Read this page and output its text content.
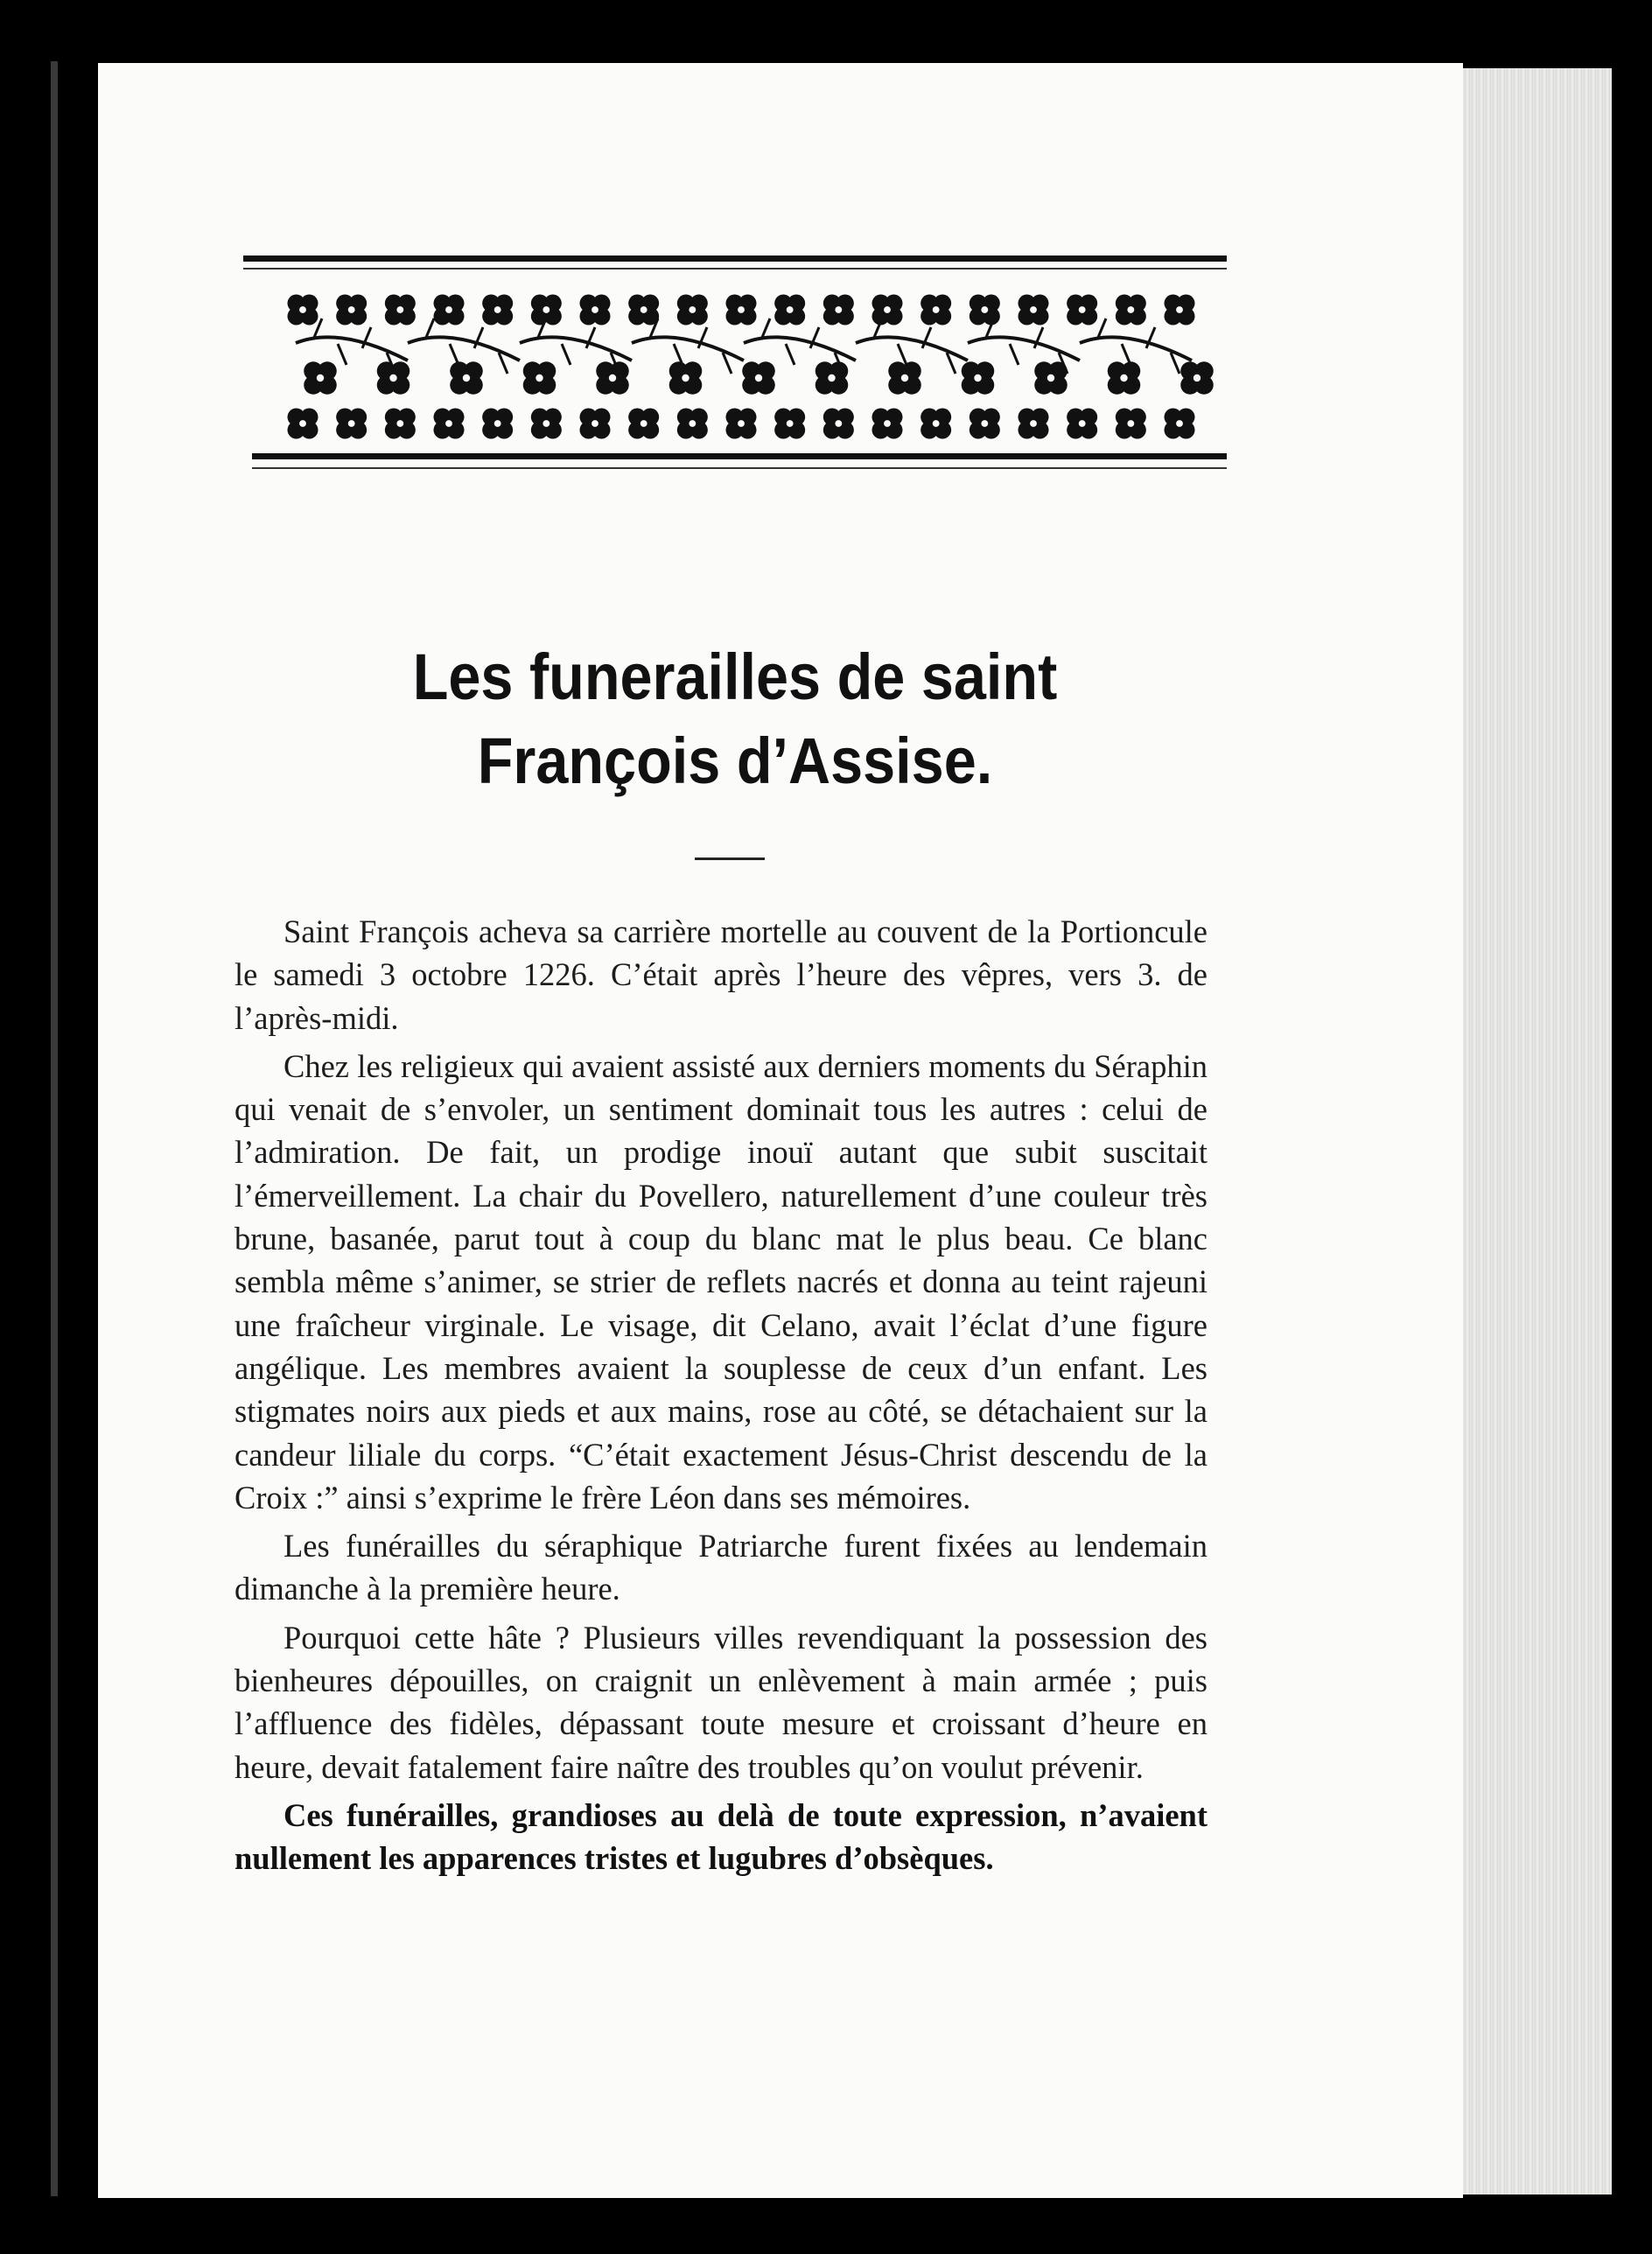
Les funerailles de saint
François d’Assise.

Saint François acheva sa carrière mortelle au couvent de la Portioncule le samedi 3 octobre 1226. C’était après l’heure des vêpres, vers 3. de l’après-midi.

Chez les religieux qui avaient assisté aux derniers moments du Séraphin qui venait de s’envoler, un sentiment dominait tous les autres : celui de l’admiration. De fait, un prodige inouï autant que subit suscitait l’émerveillement. La chair du Povellero, naturellement d’une couleur très brune, basanée, parut tout à coup du blanc mat le plus beau. Ce blanc sembla même s’animer, se strier de reflets nacrés et donna au teint rajeuni une fraîcheur virginale. Le visage, dit Celano, avait l’éclat d’une figure angélique. Les membres avaient la souplesse de ceux d’un enfant. Les stigmates noirs aux pieds et aux mains, rose au côté, se détachaient sur la candeur liliale du corps. “C’était exactement Jésus-Christ descendu de la Croix :” ainsi s’exprime le frère Léon dans ses mémoires.

Les funérailles du séraphique Patriarche furent fixées au lendemain dimanche à la première heure.

Pourquoi cette hâte ? Plusieurs villes revendiquant la possession des bienheures dépouilles, on craignit un enlèvement à main armée ; puis l’affluence des fidèles, dépassant toute mesure et croissant d’heure en heure, devait fatalement faire naître des troubles qu’on voulut prévenir.

Ces funérailles, grandioses au delà de toute expression, n’avaient nullement les apparences tristes et lugubres d’obsèques.
